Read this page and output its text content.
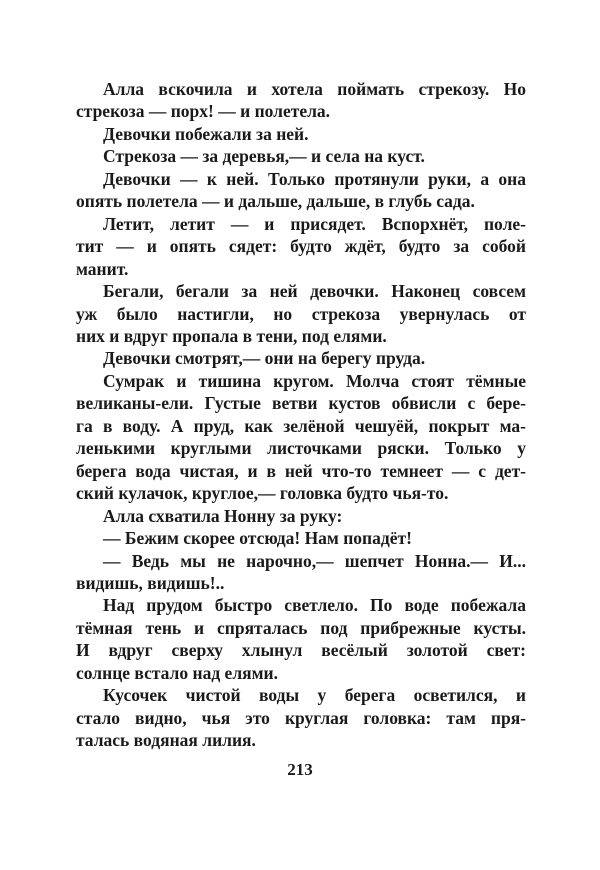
Алла вскочила и хотела поймать стрекозу. Но
стрекоза — порх! — и полетела.
Девочки побежали за ней.
Стрекоза — за деревья,— и села на куст.
Девочки — к ней. Только протянули руки, а она
опять полетела — и дальше, дальше, в глубь сада.
Летит, летит — и присядет. Вспорхнёт, поле-
тит — и опять сядет: будто ждёт, будто за собой
манит.
Бегали, бегали за ней девочки. Наконец совсем
уж было настигли, но стрекоза увернулась от
них и вдруг пропала в тени, под елями.
Девочки смотрят,— они на берегу пруда.
Сумрак и тишина кругом. Молча стоят тёмные
великаны-ели. Густые ветви кустов обвисли с бере-
га в воду. А пруд, как зелёной чешуёй, покрыт ма-
ленькими круглыми листочками ряски. Только у
берега вода чистая, и в ней что-то темнеет — с дет-
ский кулачок, круглое,— головка будто чья-то.
Алла схватила Нонну за руку:
— Бежим скорее отсюда! Нам попадёт!
— Ведь мы не нарочно,— шепчет Нонна.— И...
видишь, видишь!..
Над прудом быстро светлело. По воде побежала
тёмная тень и спряталась под прибрежные кусты.
И вдруг сверху хлынул весёлый золотой свет:
солнце встало над елями.
Кусочек чистой воды у берега осветился, и
стало видно, чья это круглая головка: там пря-
талась водяная лилия.
213
